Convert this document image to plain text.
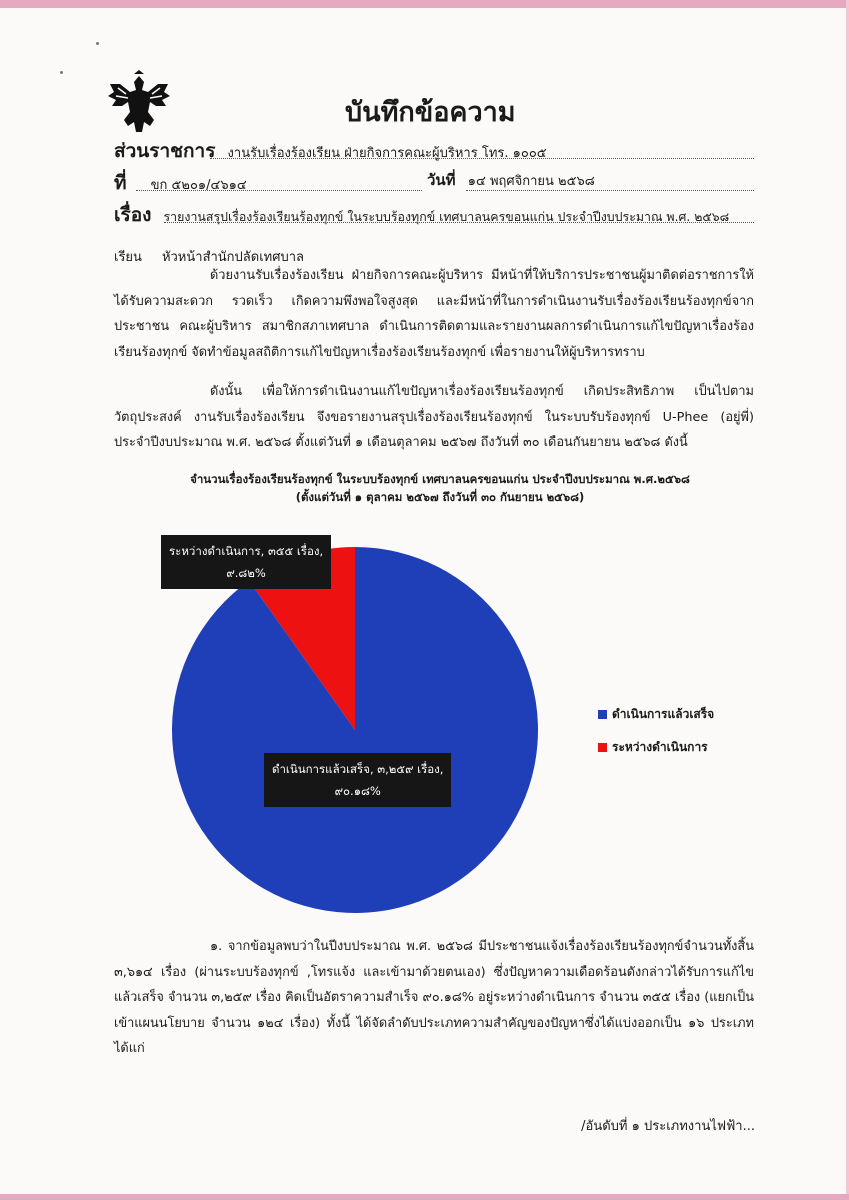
บันทึกข้อความ
ส่วนราชการ งานรับเรื่องร้องเรียน ฝ่ายกิจการคณะผู้บริหาร โทร. ๑๐๐๕
ที่ ขก ๕๒๐๑/๔๖๑๔	วันที่ ๑๔ พฤศจิกายน ๒๕๖๘
เรื่อง รายงานสรุปเรื่องร้องเรียนร้องทุกข์ ในระบบร้องทุกข์ เทศบาลนครขอนแก่น ประจำปีงบประมาณ พ.ศ. ๒๕๖๘
เรียน หัวหน้าสำนักปลัดเทศบาล
ด้วยงานรับเรื่องร้องเรียน ฝ่ายกิจการคณะผู้บริหาร มีหน้าที่ให้บริการประชาชนผู้มาติดต่อราชการให้ได้รับความสะดวก รวดเร็ว เกิดความพึงพอใจสูงสุด และมีหน้าที่ในการดำเนินงานรับเรื่องร้องเรียนร้องทุกข์จากประชาชน คณะผู้บริหาร สมาชิกสภาเทศบาล ดำเนินการติดตามและรายงานผลการดำเนินการแก้ไขปัญหาเรื่องร้องเรียนร้องทุกข์ จัดทำข้อมูลสถิติการแก้ไขปัญหาเรื่องร้องเรียนร้องทุกข์ เพื่อรายงานให้ผู้บริหารทราบ
ดังนั้น เพื่อให้การดำเนินงานแก้ไขปัญหาเรื่องร้องเรียนร้องทุกข์ เกิดประสิทธิภาพ เป็นไปตามวัตถุประสงค์ งานรับเรื่องร้องเรียน จึงขอรายงานสรุปเรื่องร้องเรียนร้องทุกข์ ในระบบรับร้องทุกข์ U-Phee (อยู่พี่) ประจำปีงบประมาณ พ.ศ. ๒๕๖๘ ตั้งแต่วันที่ ๑ เดือนตุลาคม ๒๕๖๗ ถึงวันที่ ๓๐ เดือนกันยายน ๒๕๖๘ ดังนี้
จำนวนเรื่องร้องเรียนร้องทุกข์ ในระบบร้องทุกข์ เทศบาลนครขอนแก่น ประจำปีงบประมาณ พ.ศ.๒๕๖๘
(ตั้งแต่วันที่ ๑ ตุลาคม ๒๕๖๗ ถึงวันที่ ๓๐ กันยายน ๒๕๖๘)
ระหว่างดำเนินการ, ๓๕๕ เรื่อง,
๙.๘๒%
ดำเนินการแล้วเสร็จ, ๓,๒๕๙ เรื่อง,
๙๐.๑๘%
ดำเนินการแล้วเสร็จ
ระหว่างดำเนินการ
๑. จากข้อมูลพบว่าในปีงบประมาณ พ.ศ. ๒๕๖๘ มีประชาชนแจ้งเรื่องร้องเรียนร้องทุกข์จำนวนทั้งสิ้น ๓,๖๑๔ เรื่อง (ผ่านระบบร้องทุกข์ ,โทรแจ้ง และเข้ามาด้วยตนเอง) ซึ่งปัญหาความเดือดร้อนดังกล่าวได้รับการแก้ไขแล้วเสร็จ จำนวน ๓,๒๕๙ เรื่อง คิดเป็นอัตราความสำเร็จ ๙๐.๑๘% อยู่ระหว่างดำเนินการ จำนวน ๓๕๕ เรื่อง (แยกเป็นเข้าแผนนโยบาย จำนวน ๑๒๔ เรื่อง) ทั้งนี้ ได้จัดลำดับประเภทความสำคัญของปัญหาซึ่งได้แบ่งออกเป็น ๑๖ ประเภท ได้แก่
/อันดับที่ ๑ ประเภทงานไฟฟ้า...
